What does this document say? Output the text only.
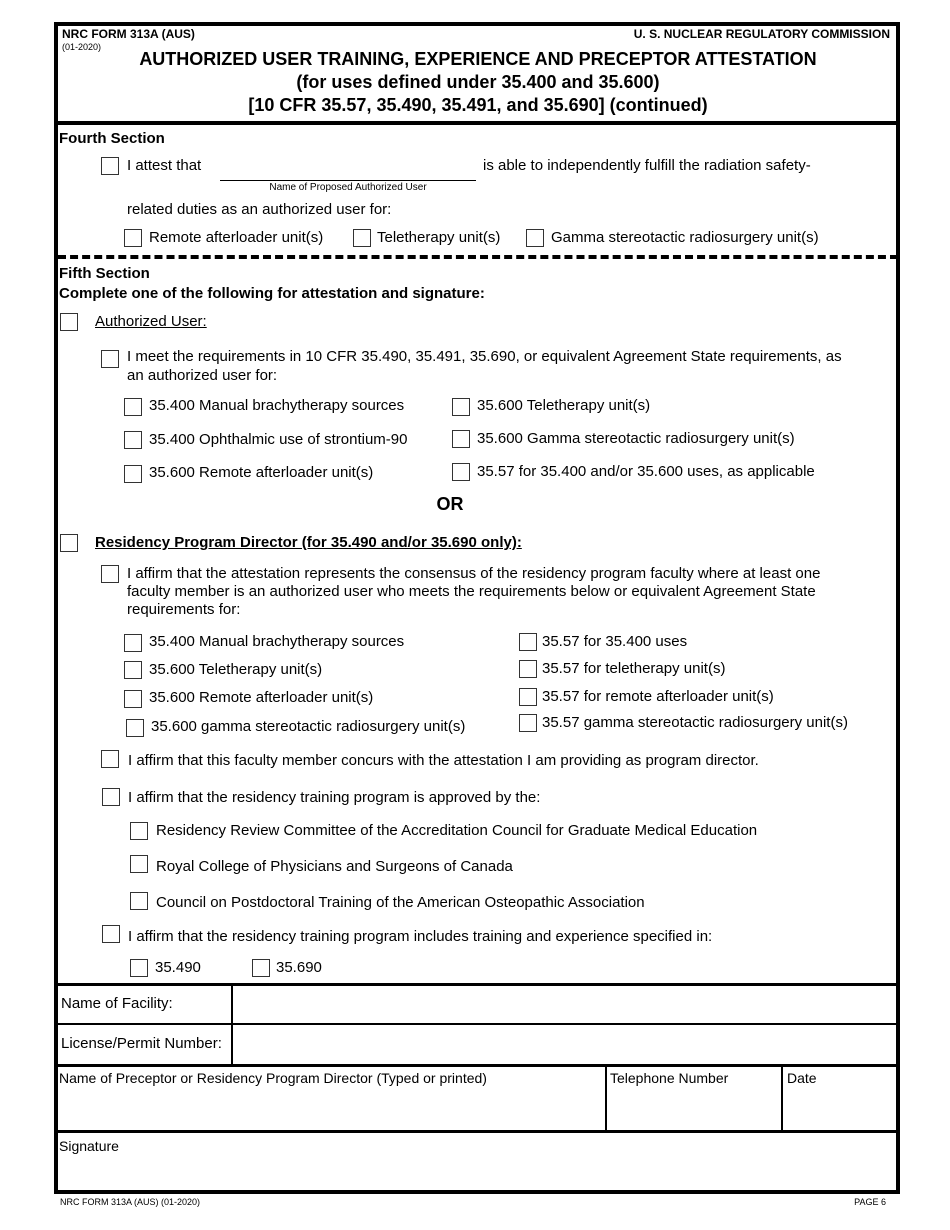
NRC FORM 313A (AUS)
(01-2020)
U. S. NUCLEAR REGULATORY COMMISSION
AUTHORIZED USER TRAINING, EXPERIENCE AND PRECEPTOR ATTESTATION
(for uses defined under 35.400 and 35.600)
[10 CFR 35.57, 35.490, 35.491, and 35.690] (continued)
Fourth Section
I attest that
Name of Proposed Authorized User
is able to independently fulfill the radiation safety-
related duties as an authorized user for:
Remote afterloader unit(s)	Teletherapy unit(s)	Gamma stereotactic radiosurgery unit(s)
Fifth Section
Complete one of the following for attestation and signature:
Authorized User:
I meet the requirements in 10 CFR 35.490, 35.491, 35.690, or equivalent Agreement State requirements, as
an authorized user for:
35.400 Manual brachytherapy sources	35.600 Teletherapy unit(s)
35.400 Ophthalmic use of strontium-90	35.600 Gamma stereotactic radiosurgery unit(s)
35.600 Remote afterloader unit(s)	35.57 for 35.400 and/or 35.600 uses, as applicable
OR
Residency Program Director (for 35.490 and/or 35.690 only):
I affirm that the attestation represents the consensus of the residency program faculty where at least one
faculty member is an authorized user who meets the requirements below or equivalent Agreement State
requirements for:
35.400 Manual brachytherapy sources	35.57 for 35.400 uses
35.600 Teletherapy unit(s)	35.57 for teletherapy unit(s)
35.600 Remote afterloader unit(s)	35.57 for remote afterloader unit(s)
35.600 gamma stereotactic radiosurgery unit(s)	35.57 gamma stereotactic radiosurgery unit(s)
I affirm that this faculty member concurs with the attestation I am providing as program director.
I affirm that the residency training program is approved by the:
Residency Review Committee of the Accreditation Council for Graduate Medical Education
Royal College of Physicians and Surgeons of Canada
Council on Postdoctoral Training of the American Osteopathic Association
I affirm that the residency training program includes training and experience specified in:
35.490	35.690
Name of Facility:
License/Permit Number:
Name of Preceptor or Residency Program Director (Typed or printed)	Telephone Number	Date
Signature
NRC FORM 313A (AUS) (01-2020)	PAGE 6
